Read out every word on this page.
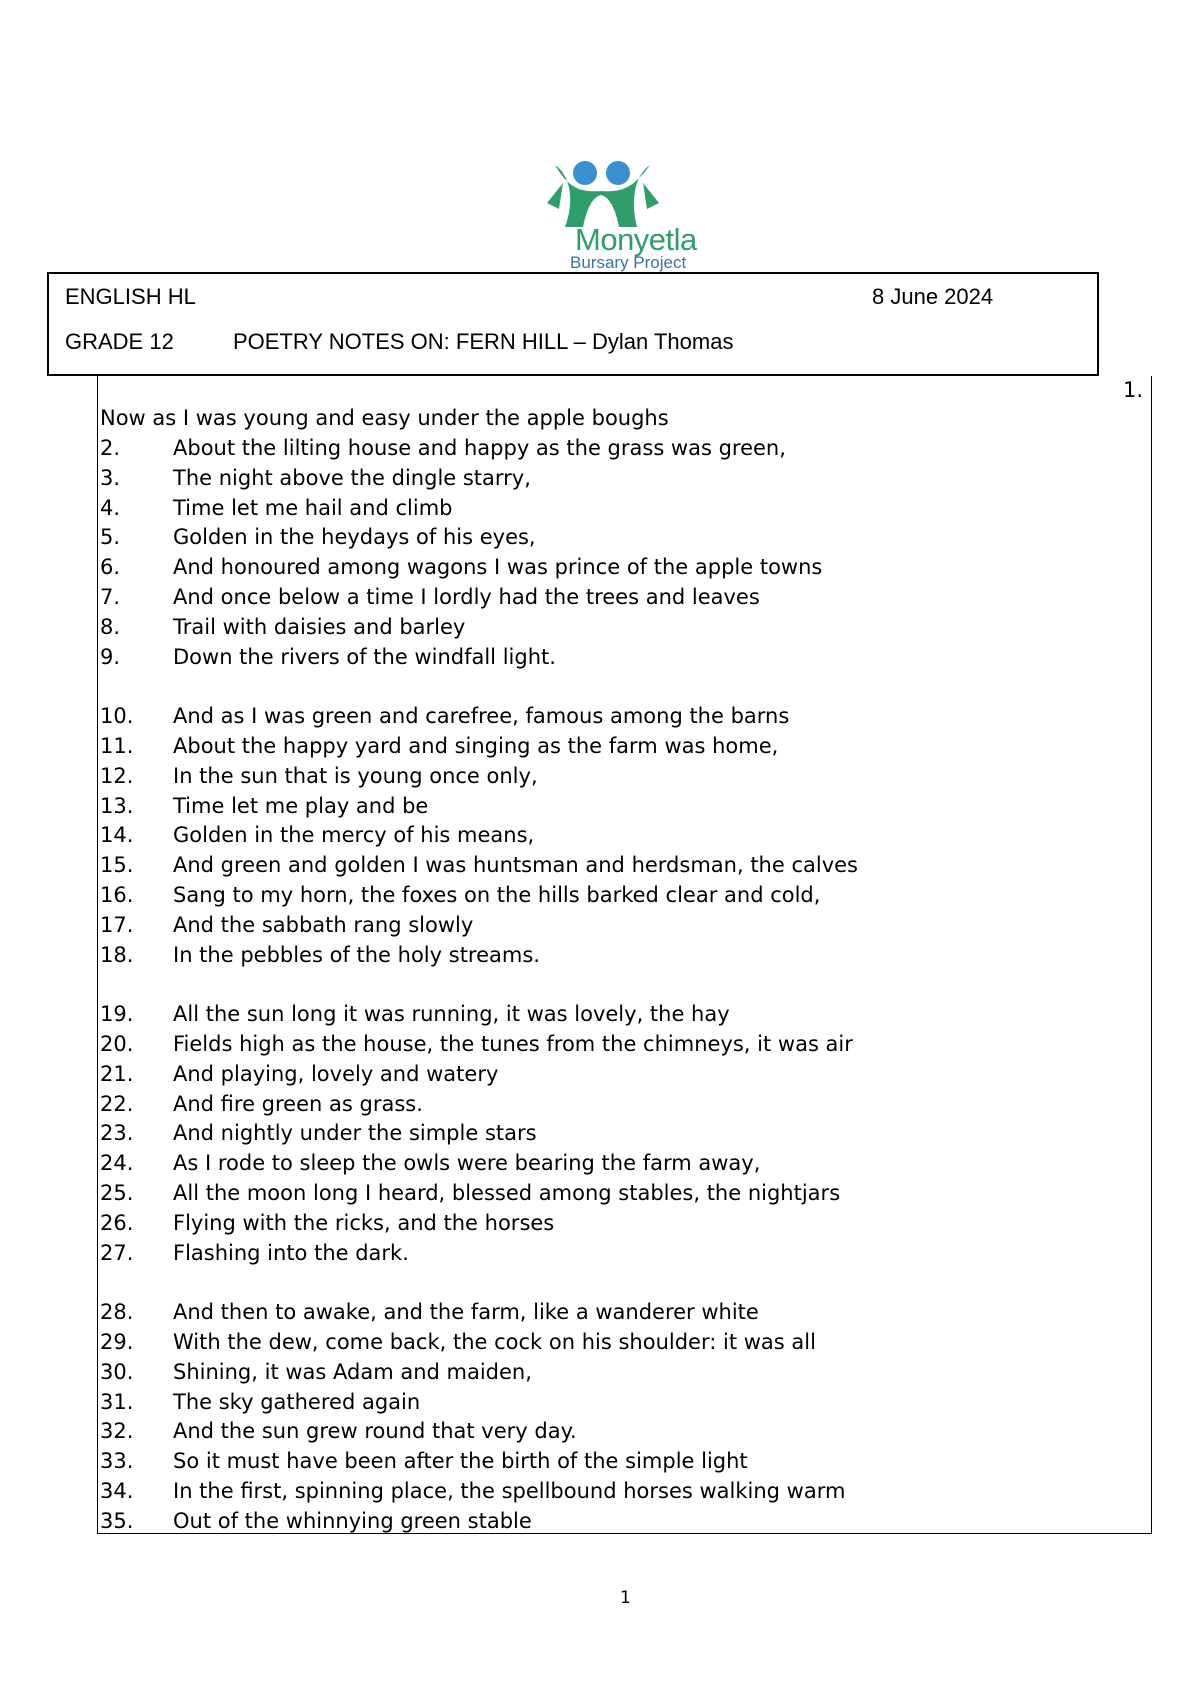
Monyetla
Bursary Project
ENGLISH HL	8 June 2024
GRADE 12	POETRY NOTES ON: FERN HILL – Dylan Thomas
1.
Now as I was young and easy under the apple boughs
2.	About the lilting house and happy as the grass was green,
3.	The night above the dingle starry,
4.	Time let me hail and climb
5.	Golden in the heydays of his eyes,
6.	And honoured among wagons I was prince of the apple towns
7.	And once below a time I lordly had the trees and leaves
8.	Trail with daisies and barley
9.	Down the rivers of the windfall light.
10. And as I was green and carefree, famous among the barns
11. About the happy yard and singing as the farm was home,
12. In the sun that is young once only,
13. Time let me play and be
14. Golden in the mercy of his means,
15. And green and golden I was huntsman and herdsman, the calves
16. Sang to my horn, the foxes on the hills barked clear and cold,
17. And the sabbath rang slowly
18. In the pebbles of the holy streams.
19. All the sun long it was running, it was lovely, the hay
20. Fields high as the house, the tunes from the chimneys, it was air
21. And playing, lovely and watery
22. And fire green as grass.
23. And nightly under the simple stars
24. As I rode to sleep the owls were bearing the farm away,
25. All the moon long I heard, blessed among stables, the nightjars
26. Flying with the ricks, and the horses
27. Flashing into the dark.
28. And then to awake, and the farm, like a wanderer white
29. With the dew, come back, the cock on his shoulder: it was all
30. Shining, it was Adam and maiden,
31. The sky gathered again
32. And the sun grew round that very day.
33. So it must have been after the birth of the simple light
34. In the first, spinning place, the spellbound horses walking warm
35. Out of the whinnying green stable
1
